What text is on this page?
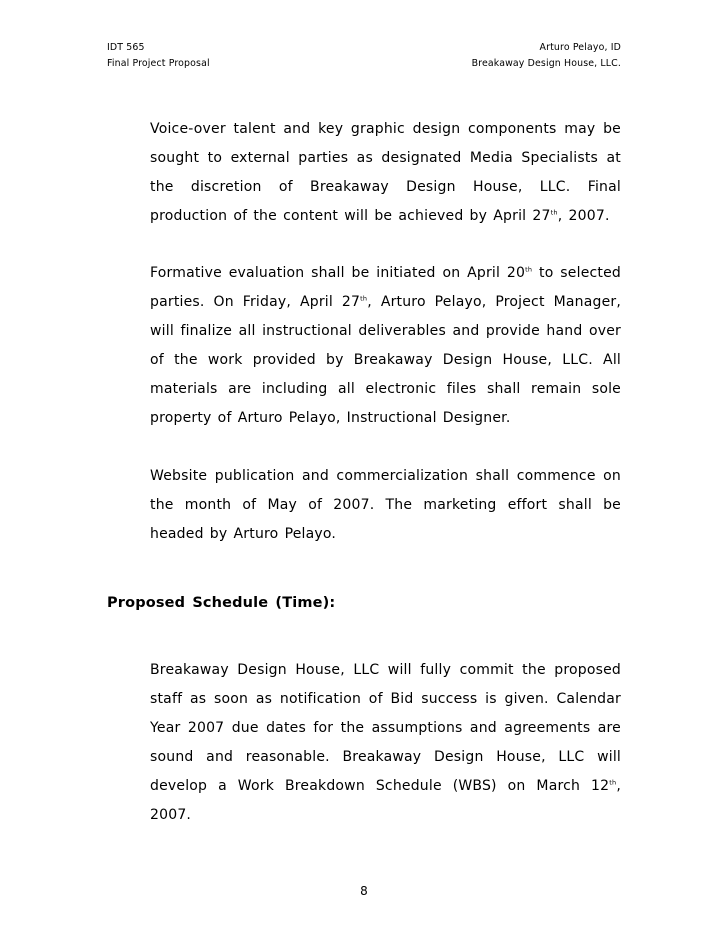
IDT 565
Final Project Proposal
Arturo Pelayo, ID
Breakaway Design House, LLC.

Voice-over talent and key graphic design components may be sought to external parties as designated Media Specialists at the discretion of Breakaway Design House, LLC. Final production of the content will be achieved by April 27th, 2007.

Formative evaluation shall be initiated on April 20th to selected parties. On Friday, April 27th, Arturo Pelayo, Project Manager, will finalize all instructional deliverables and provide hand over of the work provided by Breakaway Design House, LLC. All materials are including all electronic files shall remain sole property of Arturo Pelayo, Instructional Designer.

Website publication and commercialization shall commence on the month of May of 2007. The marketing effort shall be headed by Arturo Pelayo.

Proposed Schedule (Time):

Breakaway Design House, LLC will fully commit the proposed staff as soon as notification of Bid success is given. Calendar Year 2007 due dates for the assumptions and agreements are sound and reasonable. Breakaway Design House, LLC will develop a Work Breakdown Schedule (WBS) on March 12th, 2007.

8
